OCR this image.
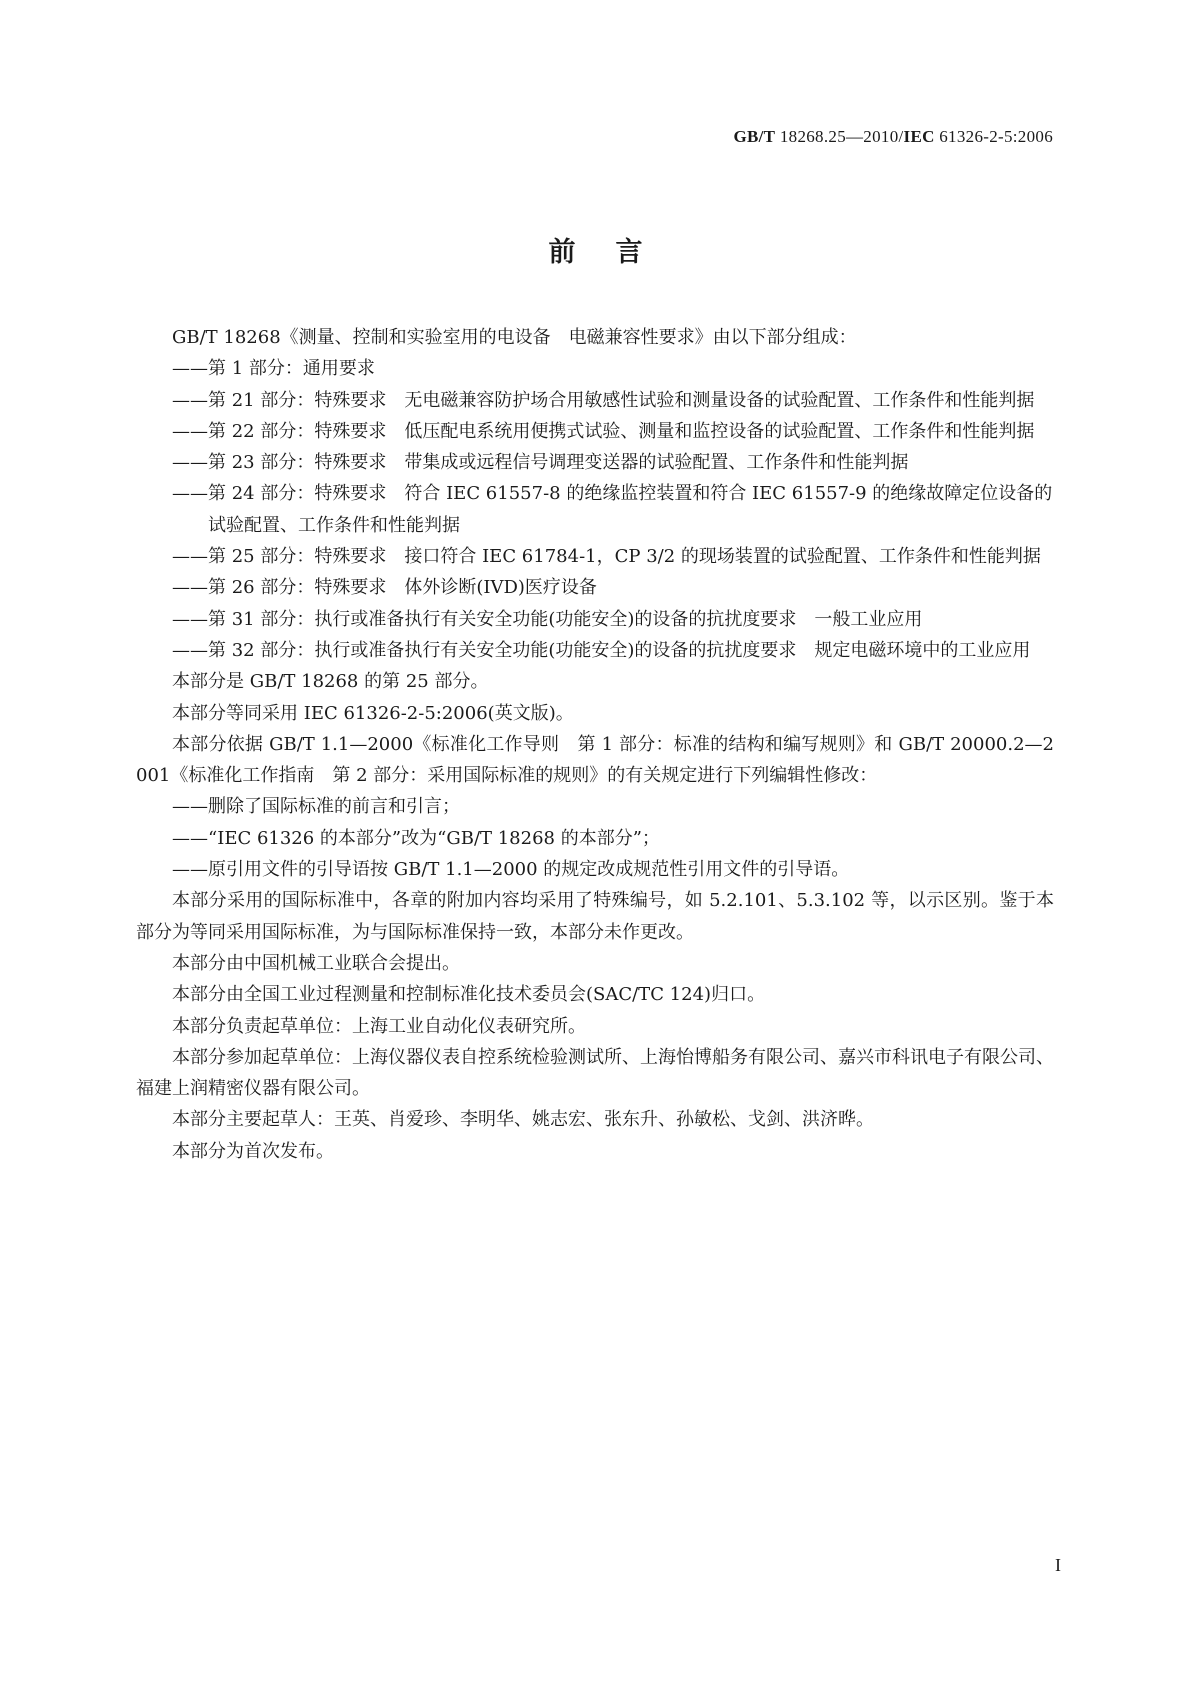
GB/T 18268.25—2010/IEC 61326-2-5:2006
前言

GB/T 18268《测量、控制和实验室用的电设备　电磁兼容性要求》由以下部分组成：

——第 1 部分：通用要求

——第 21 部分：特殊要求　无电磁兼容防护场合用敏感性试验和测量设备的试验配置、工作条件和性能判据

——第 22 部分：特殊要求　低压配电系统用便携式试验、测量和监控设备的试验配置、工作条件和性能判据

——第 23 部分：特殊要求　带集成或远程信号调理变送器的试验配置、工作条件和性能判据

——第 24 部分：特殊要求　符合 IEC 61557-8 的绝缘监控装置和符合 IEC 61557-9 的绝缘故障定位设备的试验配置、工作条件和性能判据

——第 25 部分：特殊要求　接口符合 IEC 61784-1，CP 3/2 的现场装置的试验配置、工作条件和性能判据

——第 26 部分：特殊要求　体外诊断(IVD)医疗设备

——第 31 部分：执行或准备执行有关安全功能(功能安全)的设备的抗扰度要求　一般工业应用

——第 32 部分：执行或准备执行有关安全功能(功能安全)的设备的抗扰度要求　规定电磁环境中的工业应用

本部分是 GB/T 18268 的第 25 部分。

本部分等同采用 IEC 61326-2-5:2006(英文版)。

本部分依据 GB/T 1.1—2000《标准化工作导则　第 1 部分：标准的结构和编写规则》和 GB/T 20000.2—2001《标准化工作指南　第 2 部分：采用国际标准的规则》的有关规定进行下列编辑性修改：

——删除了国际标准的前言和引言；

——“IEC 61326 的本部分”改为“GB/T 18268 的本部分”；

——原引用文件的引导语按 GB/T 1.1—2000 的规定改成规范性引用文件的引导语。

本部分采用的国际标准中，各章的附加内容均采用了特殊编号，如 5.2.101、5.3.102 等，以示区别。鉴于本部分为等同采用国际标准，为与国际标准保持一致，本部分未作更改。

本部分由中国机械工业联合会提出。

本部分由全国工业过程测量和控制标准化技术委员会(SAC/TC 124)归口。

本部分负责起草单位：上海工业自动化仪表研究所。

本部分参加起草单位：上海仪器仪表自控系统检验测试所、上海怡博船务有限公司、嘉兴市科讯电子有限公司、福建上润精密仪器有限公司。

本部分主要起草人：王英、肖爱珍、李明华、姚志宏、张东升、孙敏松、戈剑、洪济晔。

本部分为首次发布。

I
